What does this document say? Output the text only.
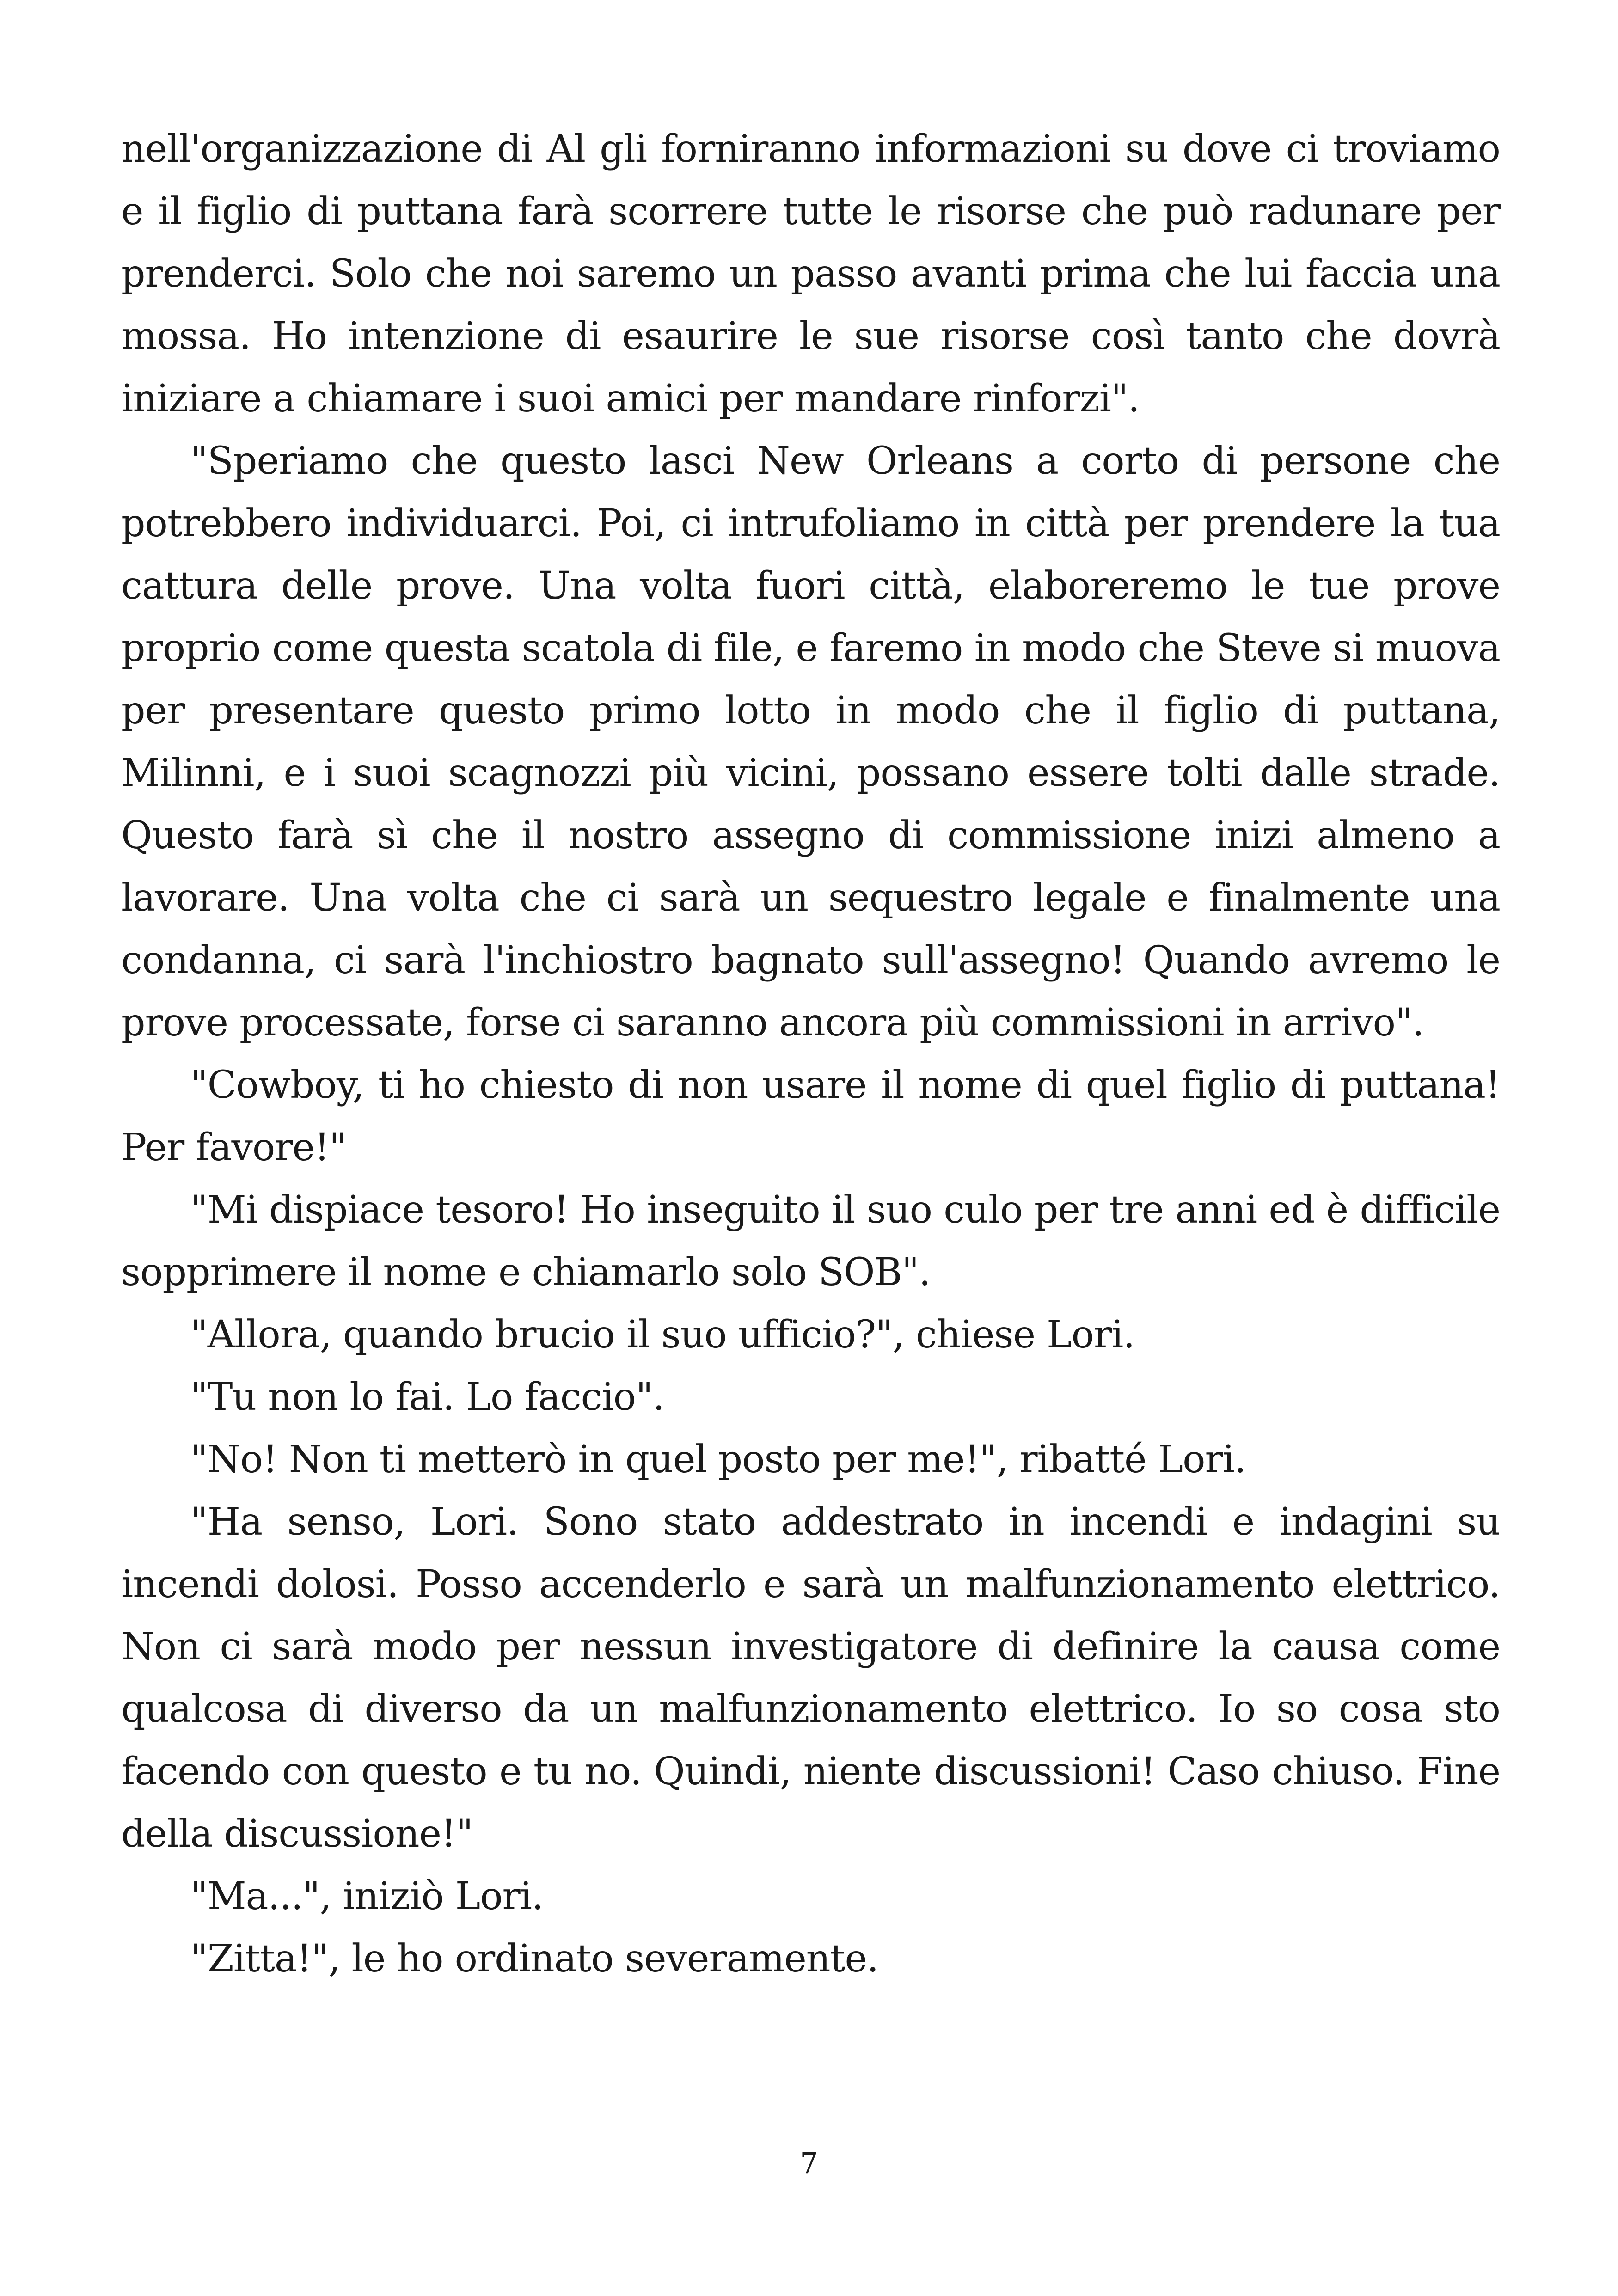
nell'organizzazione di Al gli forniranno informazioni su dove ci troviamo e il figlio di puttana farà scorrere tutte le risorse che può radunare per prenderci. Solo che noi saremo un passo avanti prima che lui faccia una mossa. Ho intenzione di esaurire le sue risorse così tanto che dovrà iniziare a chiamare i suoi amici per mandare rinforzi".

"Speriamo che questo lasci New Orleans a corto di persone che potrebbero individuarci. Poi, ci intrufoliamo in città per prendere la tua cattura delle prove. Una volta fuori città, elaboreremo le tue prove proprio come questa scatola di file, e faremo in modo che Steve si muova per presentare questo primo lotto in modo che il figlio di puttana, Milinni, e i suoi scagnozzi più vicini, possano essere tolti dalle strade. Questo farà sì che il nostro assegno di commissione inizi almeno a lavorare. Una volta che ci sarà un sequestro legale e finalmente una condanna, ci sarà l'inchiostro bagnato sull'assegno! Quando avremo le prove processate, forse ci saranno ancora più commissioni in arrivo".

"Cowboy, ti ho chiesto di non usare il nome di quel figlio di puttana! Per favore!"

"Mi dispiace tesoro! Ho inseguito il suo culo per tre anni ed è difficile sopprimere il nome e chiamarlo solo SOB".

"Allora, quando brucio il suo ufficio?", chiese Lori.

"Tu non lo fai. Lo faccio".

"No! Non ti metterò in quel posto per me!", ribatté Lori.

"Ha senso, Lori. Sono stato addestrato in incendi e indagini su incendi dolosi. Posso accenderlo e sarà un malfunzionamento elettrico. Non ci sarà modo per nessun investigatore di definire la causa come qualcosa di diverso da un malfunzionamento elettrico. Io so cosa sto facendo con questo e tu no. Quindi, niente discussioni! Caso chiuso. Fine della discussione!"

"Ma...", iniziò Lori.

"Zitta!", le ho ordinato severamente.

7
